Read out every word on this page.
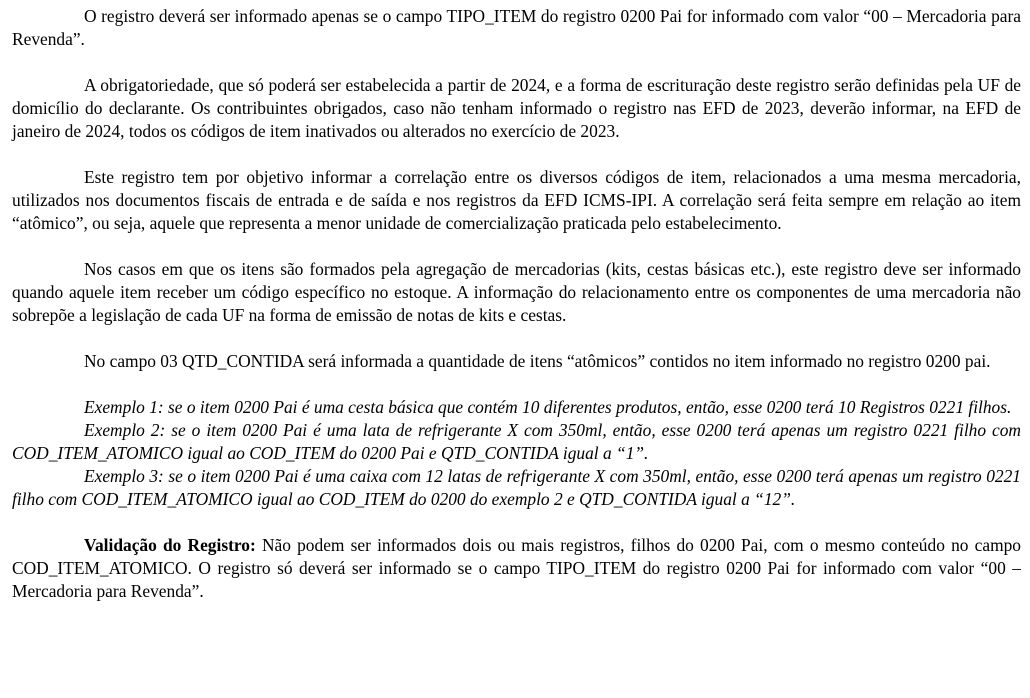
O registro deverá ser informado apenas se o campo TIPO_ITEM do registro 0200 Pai for informado com valor “00 – Mercadoria para Revenda”.

A obrigatoriedade, que só poderá ser estabelecida a partir de 2024, e a forma de escrituração deste registro serão definidas pela UF de domicílio do declarante. Os contribuintes obrigados, caso não tenham informado o registro nas EFD de 2023, deverão informar, na EFD de janeiro de 2024, todos os códigos de item inativados ou alterados no exercício de 2023.

Este registro tem por objetivo informar a correlação entre os diversos códigos de item, relacionados a uma mesma mercadoria, utilizados nos documentos fiscais de entrada e de saída e nos registros da EFD ICMS-IPI. A correlação será feita sempre em relação ao item “atômico”, ou seja, aquele que representa a menor unidade de comercialização praticada pelo estabelecimento.

Nos casos em que os itens são formados pela agregação de mercadorias (kits, cestas básicas etc.), este registro deve ser informado quando aquele item receber um código específico no estoque. A informação do relacionamento entre os componentes de uma mercadoria não sobrepõe a legislação de cada UF na forma de emissão de notas de kits e cestas.

No campo 03 QTD_CONTIDA será informada a quantidade de itens “atômicos” contidos no item informado no registro 0200 pai.

Exemplo 1: se o item 0200 Pai é uma cesta básica que contém 10 diferentes produtos, então, esse 0200 terá 10 Registros 0221 filhos.

Exemplo 2: se o item 0200 Pai é uma lata de refrigerante X com 350ml, então, esse 0200 terá apenas um registro 0221 filho com COD_ITEM_ATOMICO igual ao COD_ITEM do 0200 Pai e QTD_CONTIDA igual a “1”.

Exemplo 3: se o item 0200 Pai é uma caixa com 12 latas de refrigerante X com 350ml, então, esse 0200 terá apenas um registro 0221 filho com COD_ITEM_ATOMICO igual ao COD_ITEM do 0200 do exemplo 2 e QTD_CONTIDA igual a “12”.

Validação do Registro: Não podem ser informados dois ou mais registros, filhos do 0200 Pai, com o mesmo conteúdo no campo COD_ITEM_ATOMICO. O registro só deverá ser informado se o campo TIPO_ITEM do registro 0200 Pai for informado com valor “00 – Mercadoria para Revenda”.
